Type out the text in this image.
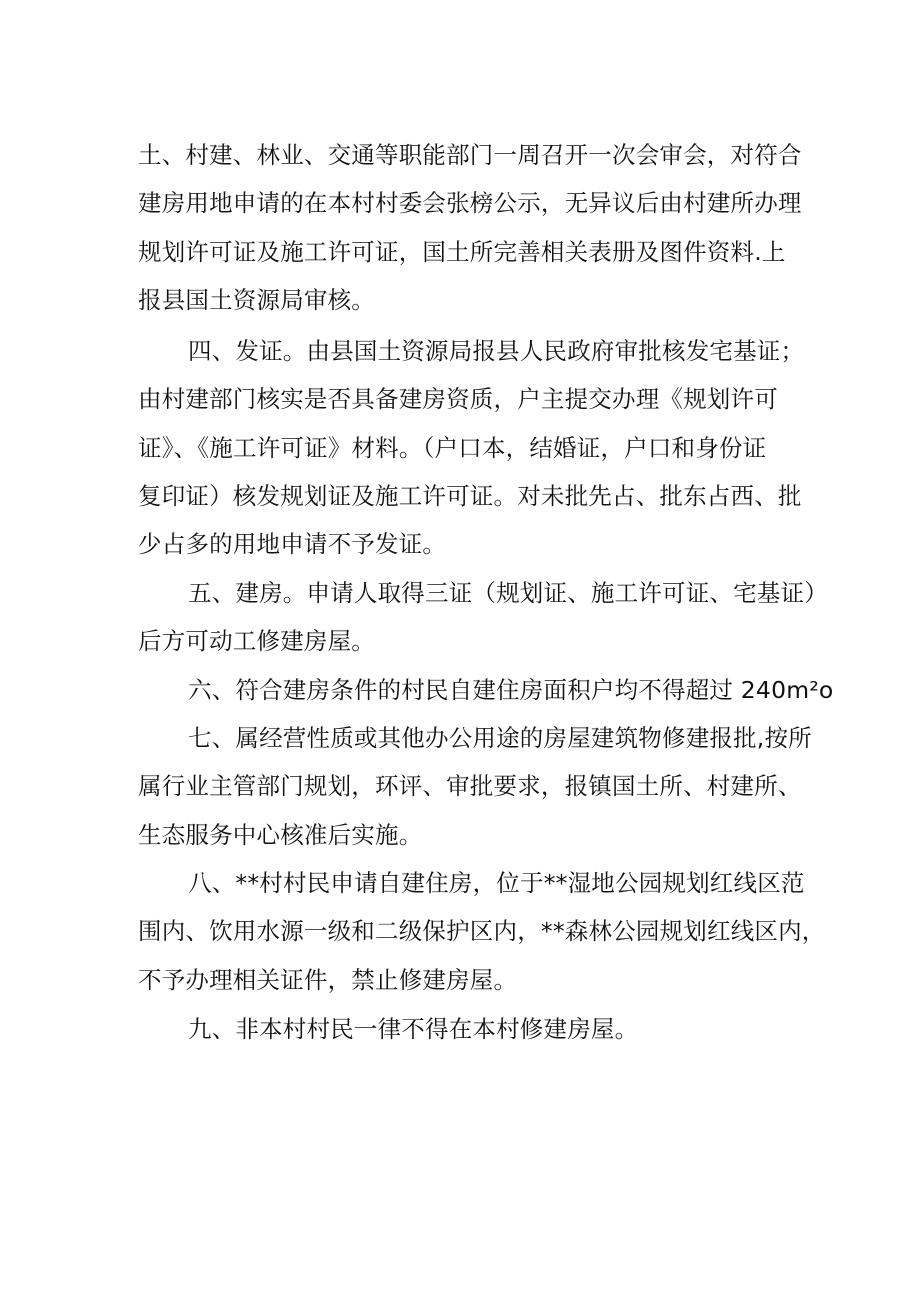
土、村建、林业、交通等职能部门一周召开一次会审会，对符合
建房用地申请的在本村村委会张榜公示，无异议后由村建所办理
规划许可证及施工许可证，国土所完善相关表册及图件资料.上
报县国土资源局审核。
四、发证。由县国土资源局报县人民政府审批核发宅基证；
由村建部门核实是否具备建房资质，户主提交办理《规划许可
证》、《施工许可证》材料。（户口本，结婚证，户口和身份证
复印证）核发规划证及施工许可证。对未批先占、批东占西、批
少占多的用地申请不予发证。
五、建房。申请人取得三证（规划证、施工许可证、宅基证）
后方可动工修建房屋。
六、符合建房条件的村民自建住房面积户均不得超过 240m²o
七、属经营性质或其他办公用途的房屋建筑物修建报批,按所
属行业主管部门规划，环评、审批要求，报镇国土所、村建所、
生态服务中心核准后实施。
八、**村村民申请自建住房，位于**湿地公园规划红线区范
围内、饮用水源一级和二级保护区内，**森林公园规划红线区内，
不予办理相关证件，禁止修建房屋。
九、非本村村民一律不得在本村修建房屋。
